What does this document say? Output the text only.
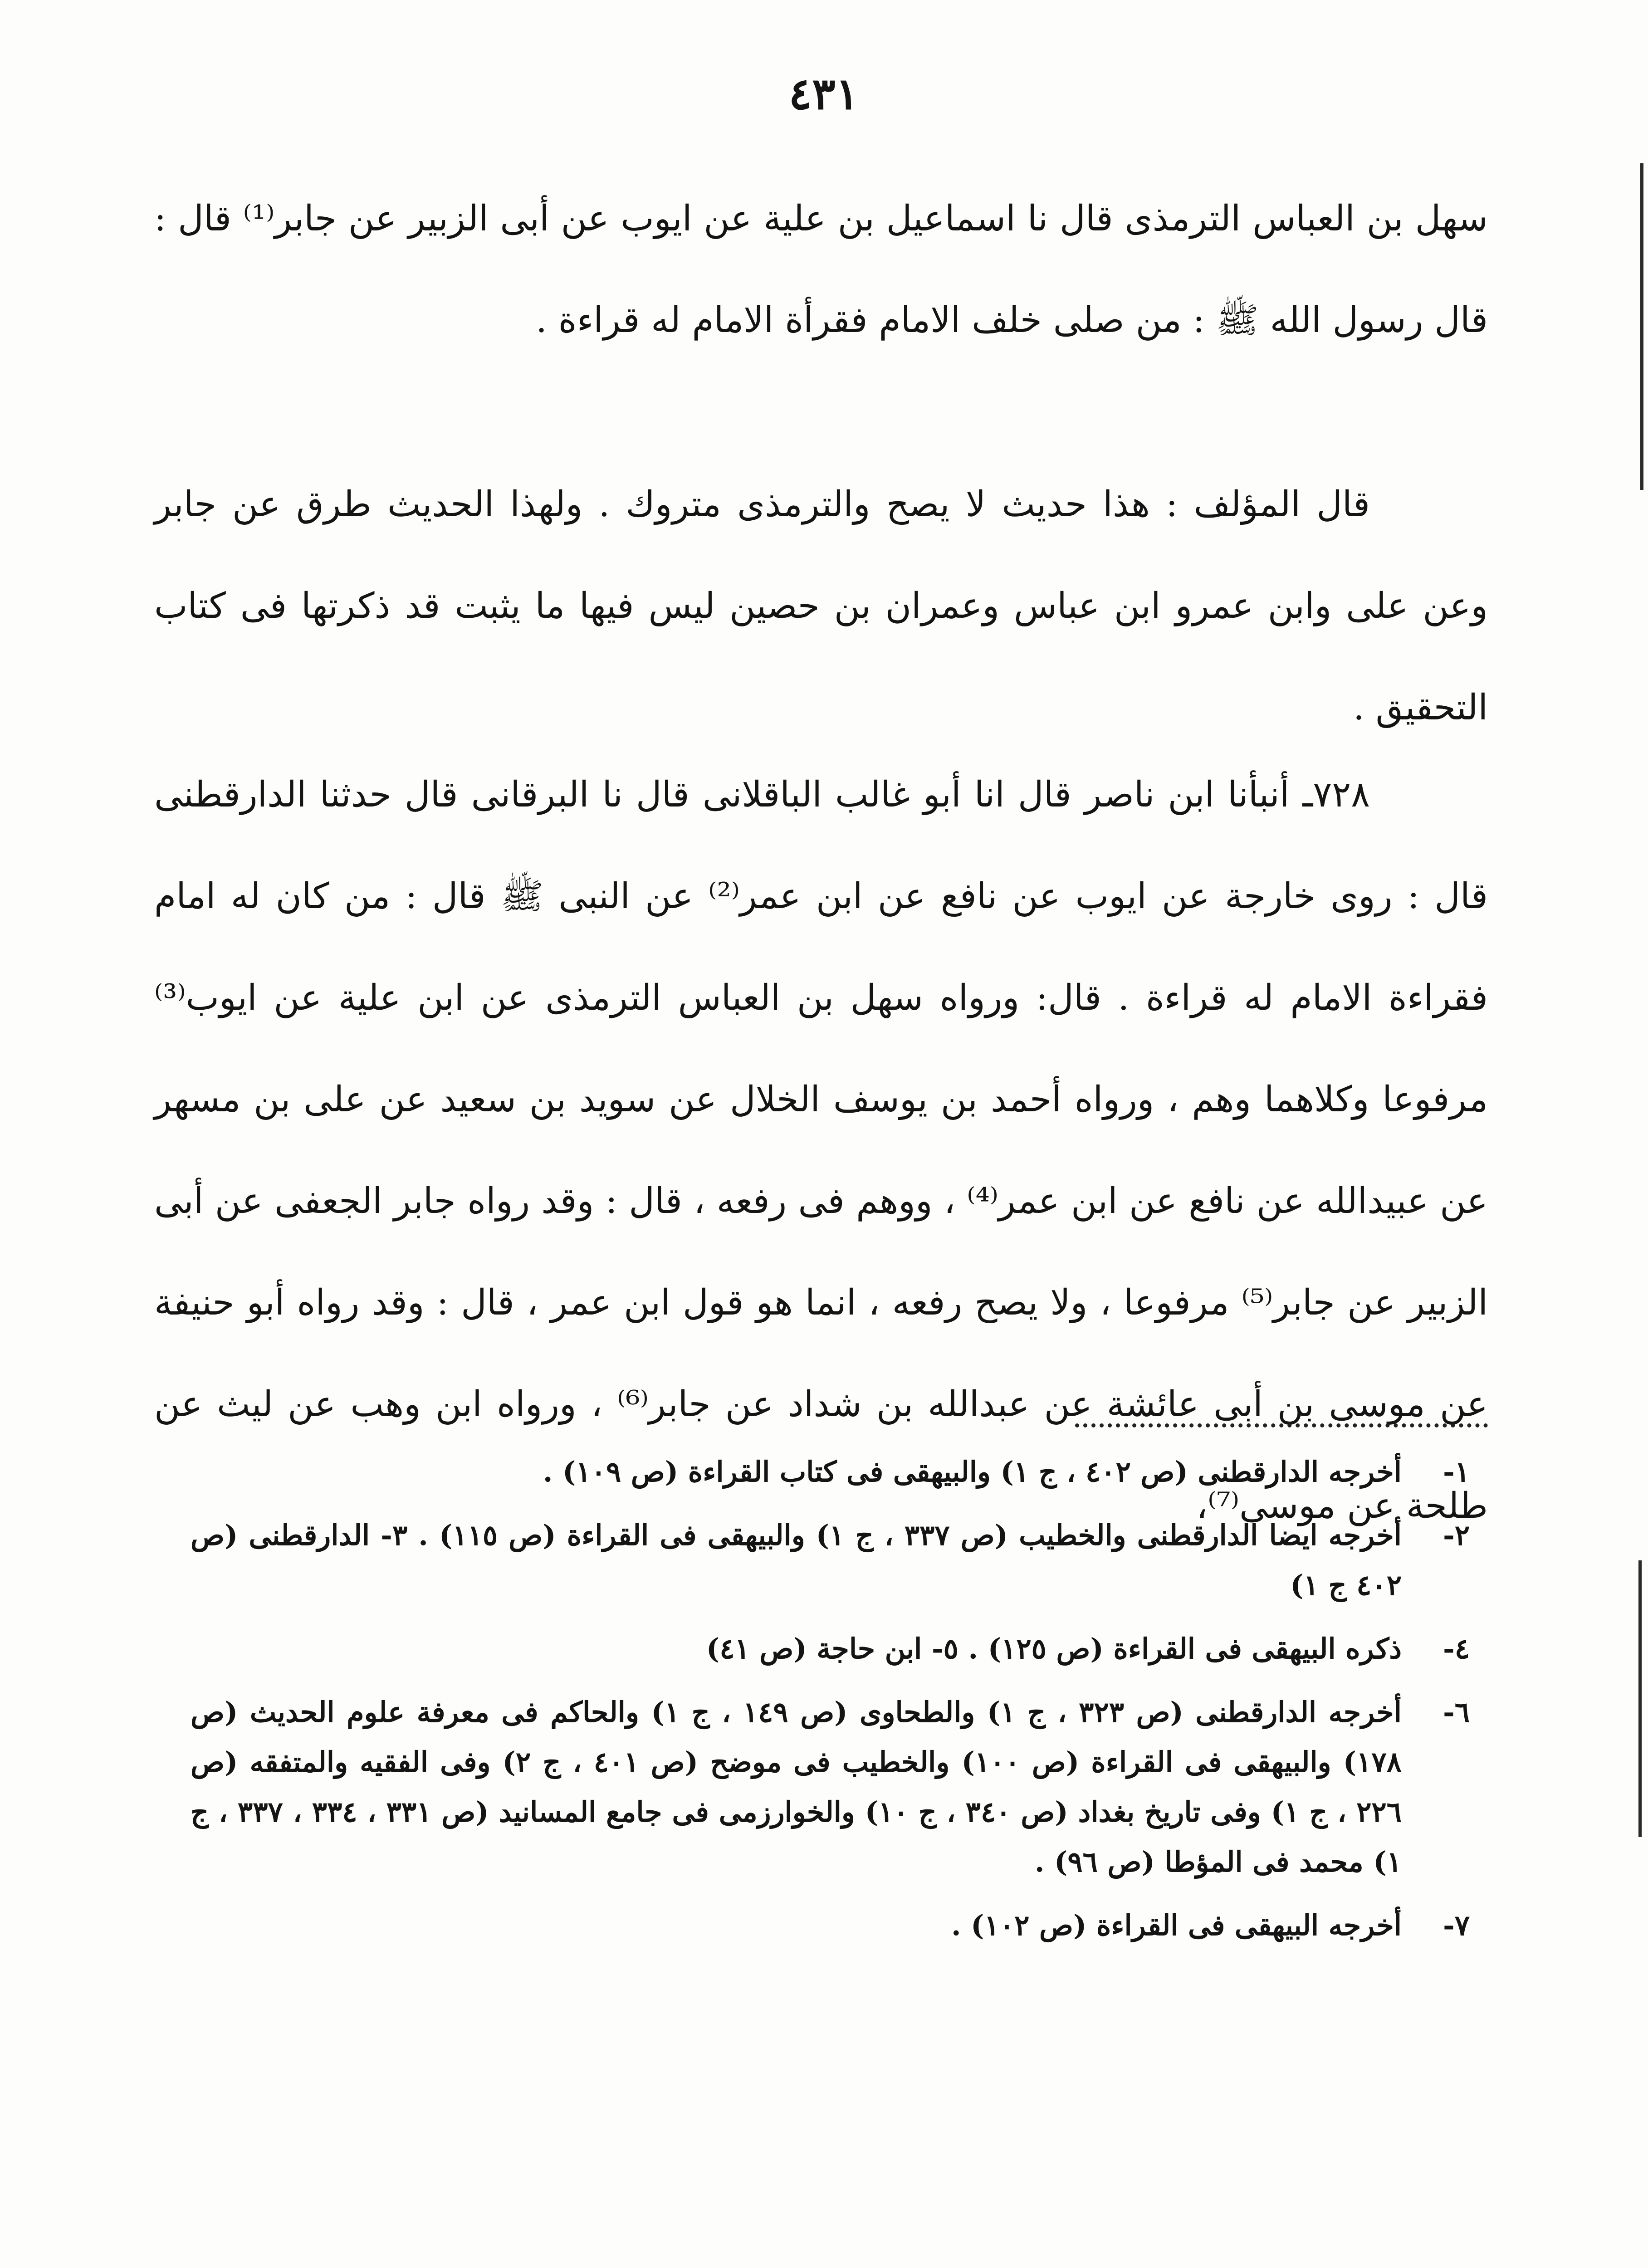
٤٣١

سهل بن العباس الترمذى قال نا اسماعيل بن علية عن ايوب عن أبى الزبير عن جابر⁽¹⁾ قال : قال رسول الله ﷺ : من صلى خلف الامام فقرأة الامام له قراءة .

قال المؤلف : هذا حديث لا يصح والترمذى متروك . ولهذا الحديث طرق عن جابر وعن على وابن عمرو ابن عباس وعمران بن حصين ليس فيها ما يثبت قد ذكرتها فى كتاب التحقيق .

٧٢٨ـ أنبأنا ابن ناصر قال انا أبو غالب الباقلانى قال نا البرقانى قال حدثنا الدارقطنى قال : روى خارجة عن ايوب عن نافع عن ابن عمر⁽²⁾ عن النبى ﷺ قال : من كان له امام فقراءة الامام له قراءة . قال: ورواه سهل بن العباس الترمذى عن ابن علية عن ايوب⁽³⁾ مرفوعا وكلاهما وهم ، ورواه أحمد بن يوسف الخلال عن سويد بن سعيد عن على بن مسهر عن عبيدالله عن نافع عن ابن عمر⁽⁴⁾ ، ووهم فى رفعه ، قال : وقد رواه جابر الجعفى عن أبى الزبير عن جابر⁽⁵⁾ مرفوعا ، ولا يصح رفعه ، انما هو قول ابن عمر ، قال : وقد رواه أبو حنيفة عن موسى بن أبى عائشة عن عبدالله بن شداد عن جابر⁽⁶⁾ ، ورواه ابن وهب عن ليث عن طلحة عن موسى⁽⁷⁾،

١-
أخرجه الدارقطنى (ص ٤٠٢ ، ج ١) والبيهقى فى كتاب القراءة (ص ١٠٩) .
٢-
أخرجه ايضا الدارقطنى والخطيب (ص ٣٣٧ ، ج ١) والبيهقى فى القراءة (ص ١١٥) . ٣- الدارقطنى (ص ٤٠٢ ج ١)
٤-
ذكره البيهقى فى القراءة (ص ١٢٥) . ٥- ابن حاجة (ص ٤١)
٦-
أخرجه الدارقطنى (ص ٣٢٣ ، ج ١) والطحاوى (ص ١٤٩ ، ج ١) والحاكم فى معرفة علوم الحديث (ص ١٧٨) والبيهقى فى القراءة (ص ١٠٠) والخطيب فى موضح (ص ٤٠١ ، ج ٢) وفى الفقيه والمتفقه (ص ٢٢٦ ، ج ١) وفى تاريخ بغداد (ص ٣٤٠ ، ج ١٠) والخوارزمى فى جامع المسانيد (ص ٣٣١ ، ٣٣٤ ، ٣٣٧ ، ج ١) محمد فى المؤطا (ص ٩٦) .
٧-
أخرجه البيهقى فى القراءة (ص ١٠٢) .
